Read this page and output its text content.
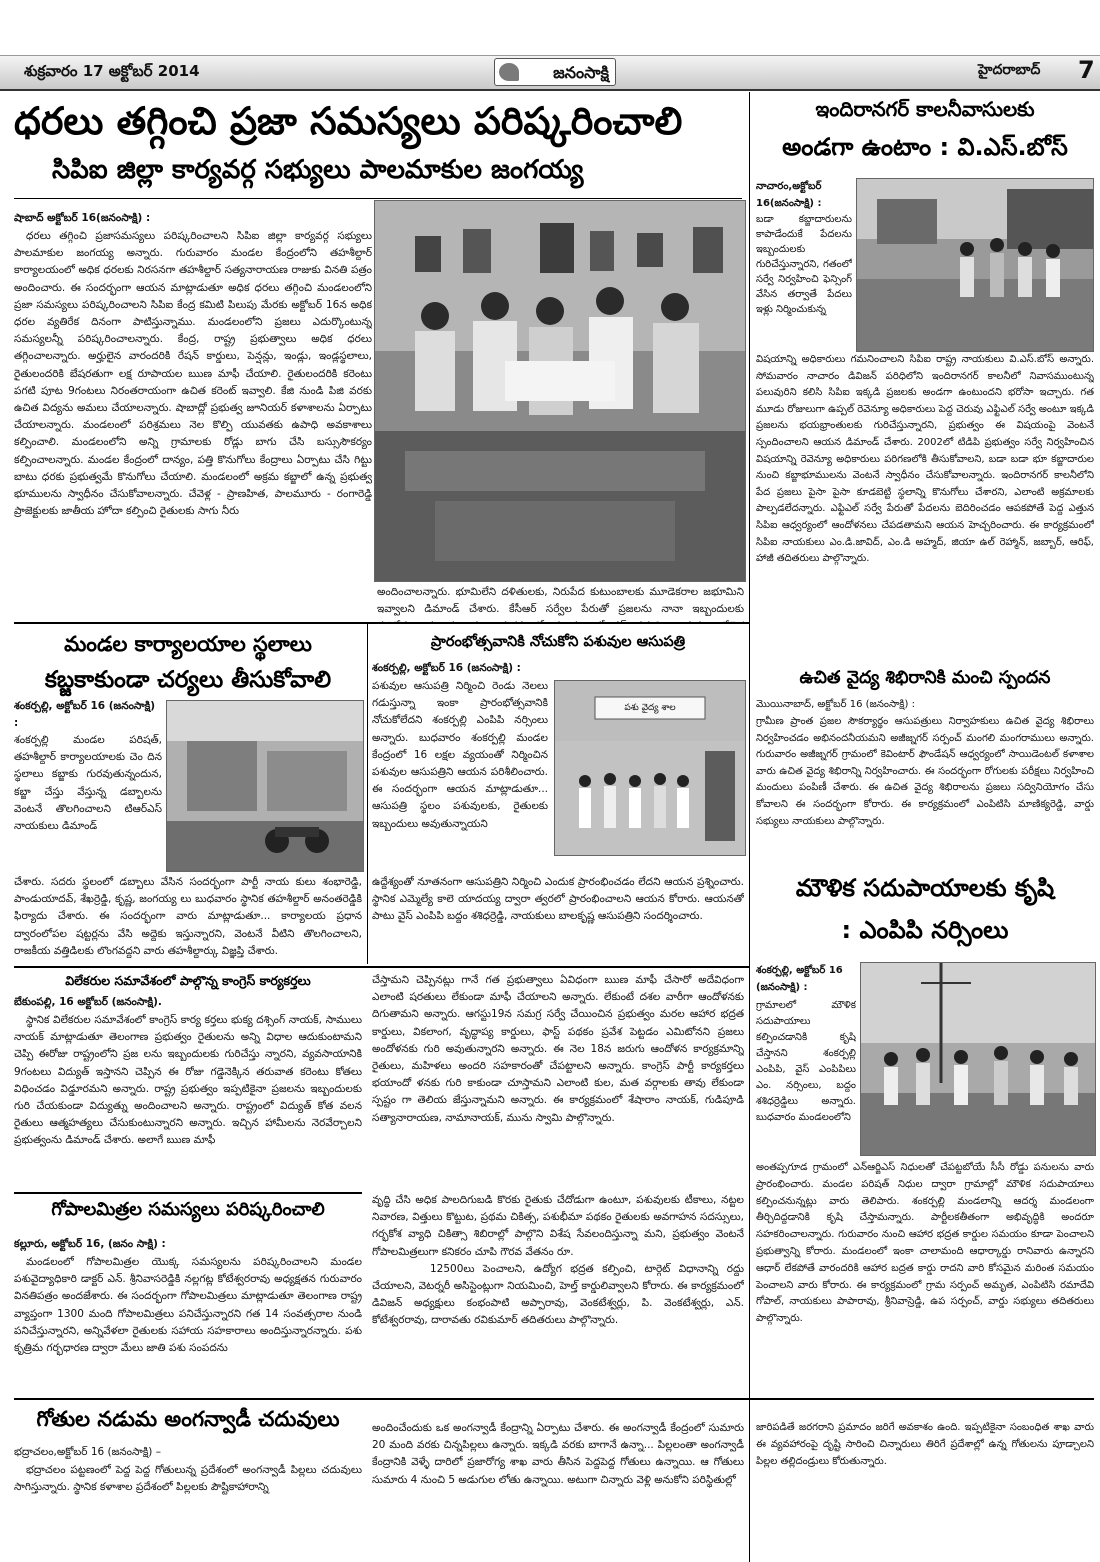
శుక్రవారం 17 అక్టోబర్ 2014	జనంసాక్షి	హైదరాబాద్ 7
ధరలు తగ్గించి ప్రజా సమస్యలు పరిష్కరించాలి
సిపిఐ జిల్లా కార్యవర్గ సభ్యులు పాలమాకుల జంగయ్య
షాబాద్ అక్టోబర్ 16(జనంసాక్షి) :

ధరలు తగ్గించి ప్రజాసమస్యలు పరిష్కరించాలని సిపిఐ జిల్లా కార్యవర్గ సభ్యులు పాలమాకుల జంగయ్య అన్నారు. గురువారం మండల కేంద్రంలోని తహశీల్దార్ కార్యాలయంలో అధిక ధరలకు నిరసనగా తహశీల్దార్ సత్యనారాయణ రాజుకు వినతి పత్రం అందించారు. ఈ సందర్భంగా ఆయన మాట్లాడుతూ అధిక ధరలు తగ్గించి మండలంలోని ప్రజా సమస్యలు పరిష్కరించాలని సిపిఐ కేంద్ర కమిటి పిలుపు మేరకు అక్టోబర్ 16న అధిక ధరల వ్యతిరేక దినంగా పాటిస్తున్నాము. మండలంలోని ప్రజలు ఎదుర్కొంటున్న సమస్యలన్నీ పరిష్కరించాలన్నారు. కేంద్ర, రాష్ట్ర ప్రభుత్వాలు అధిక ధరలు తగ్గించాలన్నారు. అర్హులైన వారందరికి రేషన్ కార్డులు, పెన్షన్లు, ఇండ్లు, ఇండ్లస్థలాలు, రైతులందరికి బేషరతుగా లక్ష రూపాయల ఋణ మాఫీ చేయాలి. రైతులందరికి కరెంటు పగటి పూట 9గంటలు నిరంతరాయంగా ఉచిత కరెంట్ ఇవ్వాలి. కేజి నుండి పిజి వరకు ఉచిత విద్యను అమలు చేయాలన్నారు. షాబాద్లో ప్రభుత్వ జూనియర్ కళాశాలను ఏర్పాటు చేయాలన్నారు. మండలంలో పరిశ్రమలు నెల కొల్పి యువతకు ఉపాధి అవకాశాలు కల్పించాలి. మండలంలోని అన్ని గ్రామాలకు రోడ్లు బాగు చేసి బస్సుసౌకర్యం కల్పించాలన్నారు. మండల కేంద్రంలో దాన్యం, పత్తి కొనుగోలు కేంద్రాలు ఏర్పాటు చేసి గిట్టు బాటు ధరకు ప్రభుత్వమే కొనుగోలు చేయాలి. మండలంలో అక్రమ కబ్జాలో ఉన్న ప్రభుత్వ భూములను స్వాధీనం చేసుకోవాలన్నారు. చేవెళ్ల - ప్రాణహిత, పాలమూరు - రంగారెడ్డి ప్రాజెక్టులకు జాతీయ హోదా కల్పించి రైతులకు సాగు నీరు

అందించాలన్నారు. భూమిలేని దళితులకు, నిరుపేద కుటుంబాలకు మూడెకరాల జభూమిని ఇవ్వాలని డిమాండ్ చేశారు. కేసీఆర్ సర్వేల పేరుతో ప్రజలను నానా ఇబ్బందులకు

ఇందిరానగర్ కాలనీవాసులకు
అండగా ఉంటాం : వి.ఎస్.బోస్
నాచారం,అక్టోబర్ 16(జనంసాక్షి) :

బడా కబ్జాదారులను కాపాడేందుకే పేదలను ఇబ్బందులకు గురిచేస్తున్నారని, గతంలో సర్వే నిర్వహించి ఫెన్సింగ్ వేసిన తర్వాతే పేదలు ఇళ్లు నిర్మించుకున్న

విషయాన్ని అధికారులు గమనించాలని సిపిఐ రాష్ట్ర నాయకులు వి.ఎస్.బోస్ అన్నారు. సోమవారం నాచారం డివిజన్ పరిధిలోని ఇందిరానగర్ కాలనీలో నివాసముంటున్న పలువురిని కలిసి సిపిఐ ఇక్కడి ప్రజలకు అండగా ఉంటుందని భరోసా ఇచ్చారు. గత మూడు రోజులుగా ఉప్పల్ రెవెన్యూ అధికారులు పెద్ద చెరువు ఎఫ్టిఎల్ సర్వే అంటూ ఇక్కడి ప్రజలను భయభ్రాంతులకు గురిచేస్తున్నారని, ప్రభుత్వం ఈ విషయంపై వెంటనే స్పందించాలని ఆయన డిమాండ్ చేశారు. 2002లో టిడిపి ప్రభుత్వం సర్వే నిర్వహించిన విషయాన్ని రెవెన్యూ అధికారులు పరిగణలోకి తీసుకోవాలని, బడా బడా భూ కబ్జాదారుల నుంచి కబ్జాభూములను వెంటనే స్వాధీనం చేసుకోవాలన్నారు. ఇందిరానగర్ కాలనీలోని పేద ప్రజలు పైసా పైసా కూడబెట్టి స్థలాన్ని కొనుగోలు చేశారని, ఎలాంటి అక్రమాలకు పాల్పడలేదన్నారు. ఎఫ్టిఎల్ సర్వే పేరుతో పేదలను బెదిరించడం ఆపకపోతే పెద్ద ఎత్తున సిపిఐ ఆధ్వర్యంలో ఆందోళనలు చేపడతామని ఆయన హెచ్చరించారు. ఈ కార్యక్రమంలో సిపిఐ నాయకులు ఎం.డి.జావిద్, ఎం.డి అహ్మద్, జియా ఉల్ రెహ్మాన్, జబ్బార్, ఆరిఫ్, హాజీ తదితరులు పాల్గొన్నారు.

ఉచిత వైద్య శిభిరానికి మంచి స్పందన
మొయినాబాద్, అక్టోబర్ 16 (జనంసాక్షి) :

గ్రామీణ ప్రాంత ప్రజల సౌకర్యార్థం ఆసుపత్రులు నిర్వాహకులు ఉచిత వైద్య శిభిరాలు నిర్వహించడం అభినందనీయమని అజీజ్నగర్ సర్పంచ్ మంగలి మంగరాములు అన్నారు. గురువారం అజీజ్నగర్ గ్రామంలో కెవింటార్ ఫౌండేషన్ ఆధ్వర్యంలో సాయిడెంటల్ కళాశాల వారు ఉచిత వైద్య శిభిరాన్ని నిర్వహించారు. ఈ సందర్భంగా రోగులకు పరీక్షలు నిర్వహించి మందులు పంపిణీ చేశారు. ఈ ఉచిత వైద్య శిభిరాలను ప్రజలు సద్వినియోగం చేసు కోవాలని ఈ సందర్భంగా కోరారు. ఈ కార్యక్రమంలో ఎంపిటిసి మాణిక్యరెడ్డి, వార్డు సభ్యులు నాయకులు పాల్గొన్నారు.

మౌళిక సదుపాయాలకు కృషి
: ఎంపిపి నర్సింలు
శంకర్పల్లి, అక్టోబర్ 16 (జనంసాక్షి) :

గ్రామాలలో మౌళిక సదుపాయాలు కల్పించడానికి కృషి చేస్తానని శంకర్పల్లి ఎంపిపి, వైస్ ఎంపిపిలు ఎం. నర్సింలు, బద్దం శశిధర్రెడ్డిలు అన్నారు. బుధవారం మండలంలోని

అంతప్పగూడ గ్రామంలో ఎన్ఆర్జిఎస్ నిధులతో చేపట్టబోయే సీసీ రోడ్డు పనులను వారు ప్రారంభించారు. మండల పరిషత్ నిధుల ద్వారా గ్రామాల్లో మౌళిక సదుపాయాలు కల్పించనున్నట్లు వారు తెలిపారు. శంకర్పల్లి మండలాన్ని ఆదర్శ మండలంగా తీర్చిదిద్దడానికి కృషి చేస్తామన్నారు. పార్టీలకతీతంగా అభివృద్ధికి అందరూ సహకరించాలన్నారు. గురువారం నుంచి ఆహార భద్రత కార్డుల సమయం కూడా పెంచాలని ప్రభుత్వాన్ని కోరారు. మండలంలో ఇంకా చాలామంది ఆధార్కార్డు రానివారు ఉన్నారని ఆధార్ లేకపోతే వారందరికి ఆహార బద్రత కార్డు రాదని వారి కోసమైన మరింత సమయం పెంచాలని వారు కోరారు. ఈ కార్యక్రమంలో గ్రామ సర్పంచ్ అమృత, ఎంపిటిసి రమాదేవి గోపాల్, నాయకులు పాపారావు, శ్రీనివాస్రెడ్డి, ఉప సర్పంచ్, వార్డు సభ్యులు తదితరులు పాల్గొన్నారు.

మండల కార్యాలయాల స్థలాలు
కబ్జకాకుండా చర్యలు తీసుకోవాలి
శంకర్పల్లి, అక్టోబర్ 16 (జనంసాక్షి) :

శంకర్పల్లి మండల పరిషత్, తహశీల్దార్ కార్యాలయాలకు చెం దిన స్థలాలు కబ్జాకు గురవుతున్నందున, కబ్జా చేస్తు వేస్తున్న డబ్బాలను వెంటనే తొలగించాలని టిఆర్ఎస్ నాయకులు డిమాండ్

చేశారు. సదరు స్థలంలో డబ్బాలు వేసిన సందర్భంగా పార్టీ నాయ కులు శంభారెడ్డి, పాండుయాదవ్, శేఖర్రెడ్డి, కృష్ణ, జంగయ్య లు బుధవారం స్థానిక తహశీల్దార్ అనంతరెడ్డికి ఫిర్యాదు చేశారు. ఈ సందర్భంగా వారు మాట్లాడుతూ... కార్యాలయ ప్రధాన ద్వారంలోపల షట్టర్లను వేసి అద్దెకు ఇస్తున్నారని, వెంటనే వీటిని తొలగించాలని, రాజకీయ వత్తిడిలకు లొంగవద్దని వారు తహశీల్దార్కు విజ్ఞప్తి చేశారు.

ప్రారంభోత్సవానికి నోచుకోని పశువుల ఆసుపత్రి
శంకర్పల్లి, అక్టోబర్ 16 (జనంసాక్షి) :

పశువుల ఆసుపత్రి నిర్మించి రెండు నెలలు గడుస్తున్నా ఇంకా ప్రారంభోత్సవానికి నోచుకోలేదని శంకర్పల్లి ఎంపిపి నర్సింలు అన్నారు. బుధవారం శంకర్పల్లి మండల కేంద్రంలో 16 లక్షల వ్యయంతో నిర్మించిన పశువుల ఆసుపత్రిని ఆయన పరిశీలించారు. ఈ సందర్భంగా ఆయన మాట్లాడుతూ... ఆసుపత్రి స్థలం పశువులకు, రైతులకు ఇబ్బందులు అవుతున్నాయని

పశు వైద్య శాల

ఉద్దేశ్యంతో నూతనంగా ఆసుపత్రిని నిర్మించి ఎందుక ప్రారంభించడం లేదని ఆయన ప్రశ్నించారు. స్థానిక ఎమ్మెల్యే కాలె యాదయ్య ద్వారా త్వరలో ప్రారంభించాలని ఆయన కోరారు. ఆయనతో పాటు వైస్ ఎంపిపి బద్దం శశిధర్రెడ్డి, నాయకులు బాలకృష్ణ ఆసుపత్రిని సందర్శించారు.

విలేకరుల సమావేశంలో పాల్గొన్న కాంగ్రెస్ కార్యకర్తలు
బేకుంపల్లి, 16 అక్టోబర్ (జనంసాక్షి).

స్థానిక విలేకరుల సమావేశంలో కాంగ్రెస్ కార్య కర్తలు భుక్య దశ్సింగ్ నాయక్, సాములు నాయక్ మాట్లాడుతూ తెలంగాణ ప్రభుత్వం రైతులను అన్ని విధాల ఆదుకుంటామని చెప్పి ఈరోజు రాష్ట్రంలోని ప్రజ లను ఇబ్బందులకు గురిచేస్తు న్నారని, వ్యవసాయానికి 9గంటలు విద్యుత్ ఇస్తానని చెప్పిన ఈ రోజు గడ్డెనెక్కిన తరువాత కరెంటు కోతలు విధించడం విడ్డూరమని అన్నారు. రాష్ట్ర ప్రభుత్వం ఇప్పటికైనా ప్రజలను ఇబ్బందులకు గురి చేయకుండా విద్యుత్ను అందించాలని అన్నారు. రాష్ట్రంలో విద్యుత్ కోత వలన రైతులు ఆత్మహత్యలు చేసుకుంటున్నారని అన్నారు. ఇచ్చిన హామీలను నెరవేర్చాలని ప్రభుత్వంను డిమాండ్ చేశారు. అలాగే ఋణ మాఫీ

చేస్తామని చెప్పినట్లు గానే గత ప్రభుత్వాలు ఏవిధంగా ఋణ మాఫీ చేసారో అదేవిధంగా ఎలాంటి షరతులు లేకుండా మాఫీ చేయాలని అన్నారు. లేకుంటే దశల వారీగా ఆందోళనకు దిగుతామని అన్నారు. ఆగస్టు19న సమగ్ర సర్వే చేయించిన ప్రభుత్వం మరల ఆహార భద్రత కార్డులు, వికలాంగ, వృద్ధాప్య కార్డులు, ఫాస్ట్ పథకం ప్రవేశ పెట్టడం ఎమిటోనని ప్రజలు అందోళనకు గురి అవుతున్నారని అన్నారు. ఈ నెల 18న జరుగు ఆందోళన కార్యక్రమాన్ని రైతులు, మహిళలు అందరి సహకారంతో చేపట్టాలని అన్నారు. కాంగ్రెస్ పార్టీ కార్యకర్తలు భయాందో ళనకు గురి కాకుండా చూస్తామని ఎలాంటి కుల, మత వర్గాలకు తావు లేకుండా స్పష్టం గా తెలియ జేస్తున్నామని అన్నారు. ఈ కార్యక్రమంలో శేషారాం నాయక్, గుడిపూడి సత్యానారాయణ, నామానాయక్, మును స్వామి పాల్గొన్నారు.

గోపాలమిత్రల సమస్యలు పరిష్కరించాలి
కల్లూరు, అక్టోబర్ 16, (జనం సాక్షి) :

మండలంలో గోపాలమిత్రల యొక్క సమస్యలను పరిష్కరించాలని మండల పశువైద్యాధికారి డాక్టర్ ఎన్. శ్రీనివాసరెడ్డికి నల్లగట్ల కోటేశ్వరరావు అధ్యక్షతన గురువారం వినతిపత్రం అందజేశారు. ఈ సందర్భంగా గోపాలమిత్రలు మాట్లాడుతూ తెలంగాణ రాష్ట్ర వ్యాప్తంగా 1300 మంది గోపాలమిత్రలు పనిచేస్తున్నారని గత 14 సంవత్సరాల నుండి పనిచేస్తున్నారని, అన్నివేళలా రైతులకు సహాయ సహకారాలు అందిస్తున్నారన్నారు. పశు కృత్రిమ గర్భధారణ ద్వారా మేలు జాతి పశు సంపదను

వృద్ధి చేసి అధిక పాలదిగుబడి కొరకు రైతుకు చేదోడుగా ఉంటూ, పశువులకు టీకాలు, నట్టల నివారణ, విత్తులు కొట్టుట, ప్రథమ చికిత్స, పశుభీమా పథకం రైతులకు అవగాహన సదస్సులు, గర్భకోశ వ్యాధి చికిత్సా శిబిరాల్లో పాల్గొని విశేష సేవలందిస్తున్నా మని, ప్రభుత్వం వెంటనే గోపాలమిత్రలుగా కనికరం చూపి గౌరవ వేతనం రూ.

12500లు పెంచాలని, ఉద్యోగ భద్రత కల్పించి, టార్గెట్ విధానాన్ని రద్దు చేయాలని, వెటర్నరీ అసిస్టెంట్లుగా నియమించి, హెల్త్ కార్డులివ్వాలని కోరారు. ఈ కార్యక్రమంలో డివిజన్ అధ్యక్షులు కంభంపాటి అప్పారావు, వెంకటేశ్వర్లు, పి. వెంకటేశ్వర్లు, ఎన్. కోటేశ్వరరావు, దారావతు రవికుమార్ తదితరులు పాల్గొన్నారు.

గోతుల నడుమ అంగన్వాడీ చదువులు
భద్రాచలం,అక్టోబర్ 16 (జనంసాక్షి) –

భద్రాచలం పట్టణంలో పెద్ద పెద్ద గోతులున్న ప్రదేశంలో అంగన్వాడీ పిల్లలు చదువులు సాగిస్తున్నారు. స్థానిక కళాశాల ప్రదేశంలో పిల్లలకు పౌష్టికాహారాన్ని

అందించేందుకు ఒక అంగన్వాడీ కేంద్రాన్ని ఏర్పాటు చేశారు. ఈ అంగన్వాడీ కేంద్రంలో సుమారు 20 మంది వరకు చిన్నపిల్లలు ఉన్నారు. ఇక్కడి వరకు బాగానే ఉన్నా... పిల్లలంతా అంగన్వాడీ కేంద్రానికి వెళ్ళే దారిలో ప్రజారోగ్య శాఖ వారు తీసిన పెద్దపెద్ద గోతులు ఉన్నాయి. ఆ గోతులు సుమారు 4 నుంచి 5 అడుగుల లోతు ఉన్నాయి. అటుగా చిన్నారు వెళ్లి అనుకోని పరిస్థితుల్లో

జారిపడితే జరగరాని ప్రమాదం జరిగే అవకాశం ఉంది. ఇప్పటికైనా సంబంధిత శాఖ వారు ఈ వ్యవహారంపై దృష్టి సారించి చిన్నారులు తిరిగే ప్రదేశాల్లో ఉన్న గోతులను పూడ్చాలని పిల్లల తల్లిదండ్రులు కోరుతున్నారు.
